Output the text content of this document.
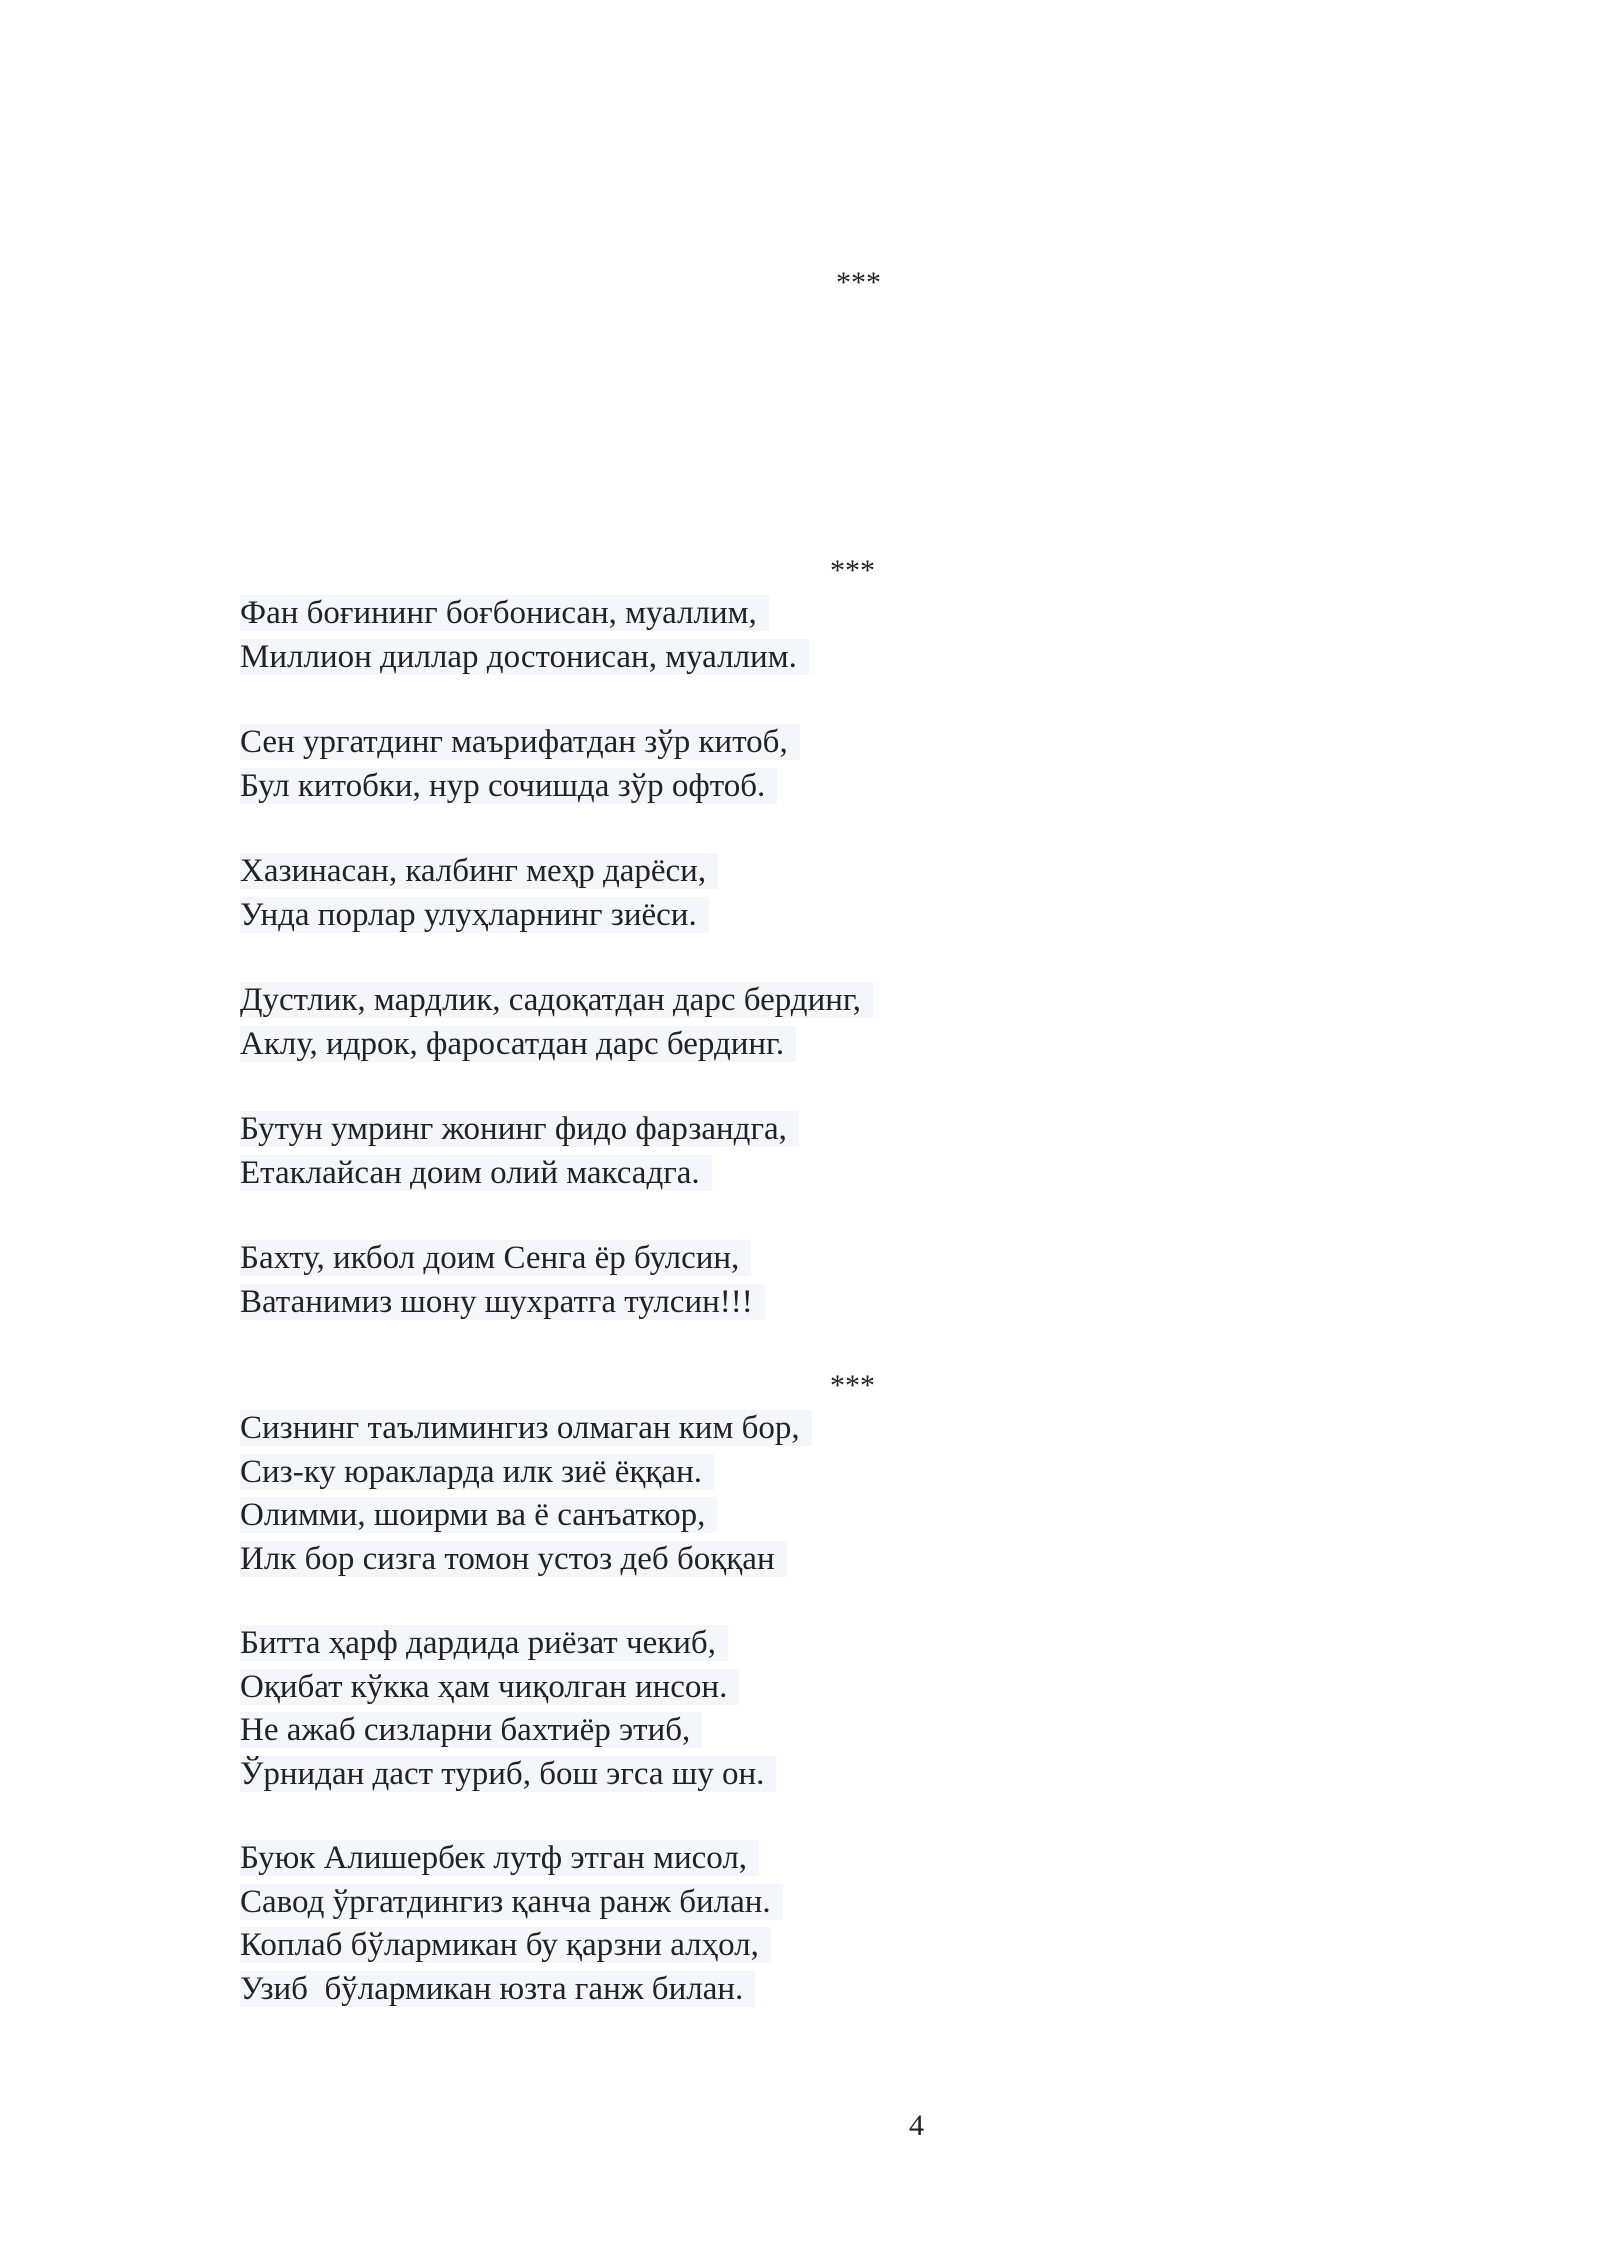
***
***
Фан боғининг боғбонисан, муаллим,
Миллион диллар достонисан, муаллим.
Сен ургатдинг маърифатдан зўр китоб,
Бул китобки, нур сочишда зўр офтоб.
Хазинасан, калбинг меҳр дарёси,
Унда порлар улуҳларнинг зиёси.
Дустлик, мардлик, садоқатдан дарс бердинг,
Аклу, идрок, фаросатдан дарс бердинг.
Бутун умринг жонинг фидо фарзандга,
Етаклайсан доим олий максадга.
Бахту, икбол доим Сенга ёр булсин,
Ватанимиз шону шухратга тулсин!!!
***
Сизнинг таълимингиз олмаган ким бор,
Сиз-ку юракларда илк зиё ёққан.
Олимми, шоирми ва ё санъаткор,
Илк бор сизга томон устоз деб боққан
Битта ҳарф дардида риёзат чекиб,
Оқибат кўкка ҳам чиқолган инсон.
Не ажаб сизларни бахтиёр этиб,
Ўрнидан даст туриб, бош эгса шу он.
Буюк Алишербек лутф этган мисол,
Савод ўргатдингиз қанча ранж билан.
Коплаб бўлармикан бу қарзни алҳол,
Узиб  бўлармикан юзта ганж билан.
4
